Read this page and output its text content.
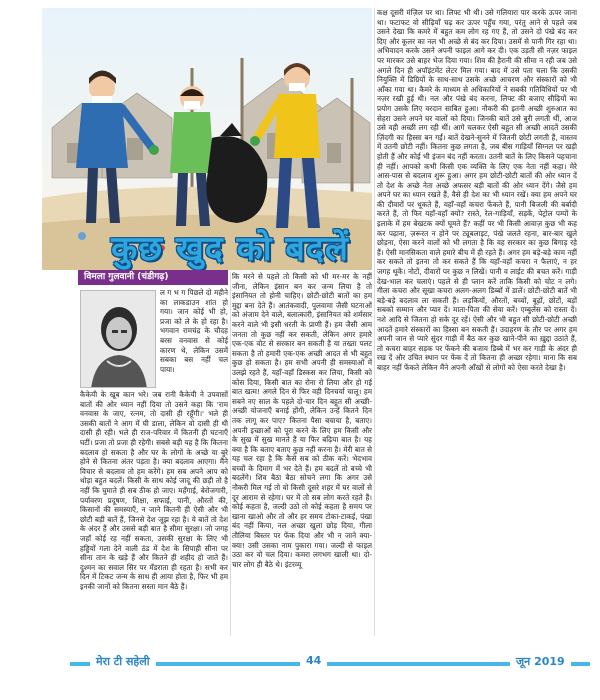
कुछ खुद को बदलें
विमला गुलवानी (चंडीगढ़)

ल ग भ ग पिछले दो महीने का लाकडाउन शांत हो गया। जान कोई भी हो, प्रजा को ले के हो रहा है। भगवान रामचंद्र के चौदह बरस वनवास से कोई कारण थे, लेकिन उसमें सबका बस नहीं चल पाया।

कैकेयी के खूब कान भरे। जब रानी कैकेयी ने उपवासों बातों की ओर ध्यान नहीं दिया तो उसने कहा कि 'राम वनवास के जाए, रत्नम, तो दासी ही रहूँगी।' भले ही उसकी बातों ने आग में घी डाला, लेकिन वो दासी ही थी दासी ही रही। भले ही राज-परिवार में कितनी ही घटनाएँ घटीं। प्रजा तो प्रजा ही रहेगी। सबसे बड़ी यह है कि कितना बदलाव हो सकता है और घर के लोगों के अच्छे या बुरे होने से कितना अंतर पड़ता है। क्या बदलाव आएगा। मैंने विचार से बदलाव तो हम करेंगे। हम सब अपने आप को थोड़ा बहुत बदलें। किसी के साथ कोई जादू की छड़ी तो है नहीं कि घुमाते ही सब ठीक हो जाए। महँगाई, बेरोजगारी, पर्यावरण प्रदूषण, शिक्षा, सफाई, पानी, औरतों की, किसानों की समस्याएँ, न जाने कितनी ही ऐसी और भी छोटी बड़ी बातें हैं, जिनसे देश जूझ रहा है। ये बातें तो देश के अंदर हैं और उससे बड़ी बात है सीमा सुरक्षा। जो जगह जहाँ कोई रह नहीं सकता, उसकी सुरक्षा के लिए भी हड्डियों गला देने वाली ठंड में देश के सिपाही सीना पर सीना तान के खड़े हैं और कितने ही शहीद हो जाते हैं। दुश्मन का सवाल सिर पर मँडराता ही रहता है। सभी कर दिन में टिकट जन्म के साथ ही आया होता है, फिर भी हम इनकी जानों को कितना सस्ता मान बैठे हैं।

कि मरने से पहले तो किसी को भी मर-मर के नहीं जीना, लेकिन इंसान बन कर जन्म लिया है तो इंसानियत तो होनी चाहिए। छोटी-छोटी बातों का हम मुद्दा बना देते हैं। आतंकवादी, पुलवामा जैसी घटनाओं को अंजाम देने वाले, बलात्कारी, इंसानियत को शर्मसार करने वाले भी इसी धरती के प्राणी हैं। हम जैसी आम जनता तो कुछ नहीं कर सकती, लेकिन अगर हमारे एक-एक वोट से सरकार बन सकती है या तख्ता पलट सकता है तो हमारी एक-एक अच्छी आदत से भी बहुत कुछ हो सकता है। हम सभी अपनी ही समस्याओं में उलझे रहते हैं, यहाँ-वहाँ डिस्कस कर लिया, किसी को कोस दिया, किसी बात का रोना रो लिया और हो गई बात खत्म! अगले दिन से फिर वही दिनचर्या चालू। हम सबने नए साल के पहले दो-चार दिन बहुत सी अच्छी-अच्छी योजनाएँ बनाई होंगी, लेकिन उन्हें कितने दिन तक लागू कर पाए? कितना पैसा बचाया है, बताए। अपनी इच्छाओं को पूरा करने के लिए हम किसी और के सुख में सुख मानते हैं या फिर बढ़िया बात है। यह क्या है कि बताए बताए कुछ नहीं करना है। मेरी बात से यह चल रहा है कि कैसे सब को ठीक करें। भेदभाव बच्चों के दिमाग में भर देते हैं। हम बदलें तो बच्चे भी बदलेंगे। शिव बैठा बैठा सोचने लगा कि अगर उसे नौकरी मिल गई तो वो किसी दूसरे शहर में घर वालों से दूर आराम से रहेगा। घर में तो सब लोग करते रहते हैं। कोई कहता है, जल्दी उठो तो कोई कहता है समय पर खाना खाओ और तो और हर समय टोका-टाकई, पंखा बंद नहीं किया, नल अच्छा खुला छोड़ दिया, गीला तौलिया बिस्तर पर फेंक दिया और भी न जाने क्या-क्या! उसी उसका नाम पुकारा गया। जल्दी से फाइल उठा कर वो चल दिया। कमरा लगभग खाली था। दो-चार लोग ही बैठे थे। इंटरव्यू

कक्ष दूसरी मंज़िल पर था। लिफ्ट भी थी। उसे गलियारा पार करके ऊपर जाना था। फटाफट वो सीढ़ियाँ चढ़ कर ऊपर पहुँच गया, परंतु आने से पहले जब उसने देखा कि कमरे में बहुत कम लोग रह गए हैं, तो उसने दो पंखे बंद कर दिए और कूलर का नल भी अच्छे से बंद कर दिया। उसमें से पानी गिर रहा था। अभिवादन करके उसने अपनी फाइल आगे कर दी। एक उड़ती सी नज़र फाइल पर मारकर उसे बाहर भेज दिया गया। शिव की हैरानी की सीमा न रही जब उसे अगले दिन ही अपॉइंटमेंट लेटर मिल गया। बाद में उसे पता चला कि उसकी नियुक्ति में डिग्रियों के साथ-साथ उसके अच्छे आचरण और संस्कारों को भी आँका गया था। कैमरे के माध्यम से अधिकारियों ने सबकी गतिविधियों पर भी नज़र रखी हुई थी। नल और पंखे बंद करना, लिफ्ट की बजाए सीढ़ियों का प्रयोग उसके लिए वरदान साबित हुआ। नौकरी की इतनी अच्छी शुरुआत का सेहरा उसने अपने घर वालों को दिया। जिनकी बातें उसे बुरी लगती थीं, आज उसे वही अच्छी लग रही थीं। आगे चलकर ऐसी बहुत सी अच्छी आदतें उसकी ज़िंदगी का हिस्सा बन गईं। बातें देखने-सुनने में जितनी छोटी लगती हैं, वास्तव में उतनी छोटी नहीं। कितना कुछ लगता है, जब बीस गाड़ियाँ सिग्नल पर खड़ी होती हैं और कोई भी इंजन बंद नहीं करता। उतनी बातें के लिए किसने पहचाना ही नहीं। आपको कभी किसी एक व्यक्ति के लिए एक नेता नहीं कहा। मेरे आस-पास से बदलाव शुरू हुआ। अगर हम छोटी-छोटी बातों की ओर ध्यान दें तो देश के अच्छे नेता अच्छे अफसर बड़ी बातों की ओर ध्यान देंगे। जैसे हम अपने घर का ध्यान रखते हैं, वैसे ही देश का भी ध्यान रखें। क्या हम अपने घर की दीवारों पर थूकते हैं, यहाँ-वहाँ कचरा फेंकते हैं, पानी बिजली की बर्बादी करते हैं, तो फिर यहाँ-वहाँ क्यों? रास्ते, रेल-गाड़ियाँ, सड़कें, पेट्रोल पम्पों के इलाके में हम बेखटक क्यों घूमते हैं? कहीं पर भी किसी आवाज़ कुछ भी कह कर पढ़ाना, ज़रूरत न होने पर ट्यूबलाइट, पंखे जलते रहना, बार-बार खुले छोड़ना, ऐसा करने वालों को भी लगता है कि वह सरकार का कुछ बिगाड़ रहे हैं। ऐसी मानसिकता वाले हमारे बीच में ही रहते हैं। अगर हम बड़े-बड़े काम नहीं कर सकते तो इतना तो कर सकते हैं कि यहाँ-वहाँ कचरा न फैलाएं, न हर जगह थूकें। नोटों, दीवारों पर कुछ न लिखें। पानी व लाईट की बचत करें। गाड़ी देख-भाल कर चलाएं। पहले से ही प्लान करें ताकि किसी को चोट न लगे। गीला कचरा और सूखा कचरा अलग-अलग डिब्बों में डालें। छोटी-छोटी बातें भी बड़े-बड़े बदलाव ला सकती हैं। लड़कियों, औरतों, बच्चों, बूढ़ों, छोटों, बड़ों सबको सम्मान और प्यार दें। माता-पिता की सेवा करें। एम्बुलेंस को रास्ता दें। नशे आदि से जितना हो सके दूर रहें। ऐसी और भी बहुत सी छोटी-छोटी अच्छी आदतें हमारे संस्कारों का हिस्सा बन सकती हैं। उदाहरण के तौर पर अगर हम अपनी जान से प्यारे सुंदर गाड़ी में बैठ कर कुछ खाने-पीने का ख़ुद्दा उठाते हैं, तो कचरा बाहर सड़क पर फेंकने की बजाय डिब्बे में भर कर गाड़ी के अंदर ही रख दें और उचित स्थान पर फेंक दें तो कितना ही अच्छा रहेगा। माना कि सब बाहर नहीं फेंकते लेकिन मैंने अपनी आँखों से लोगों को ऐसा करते देखा है।

मेरा टी सहेली	44	जून 2019
